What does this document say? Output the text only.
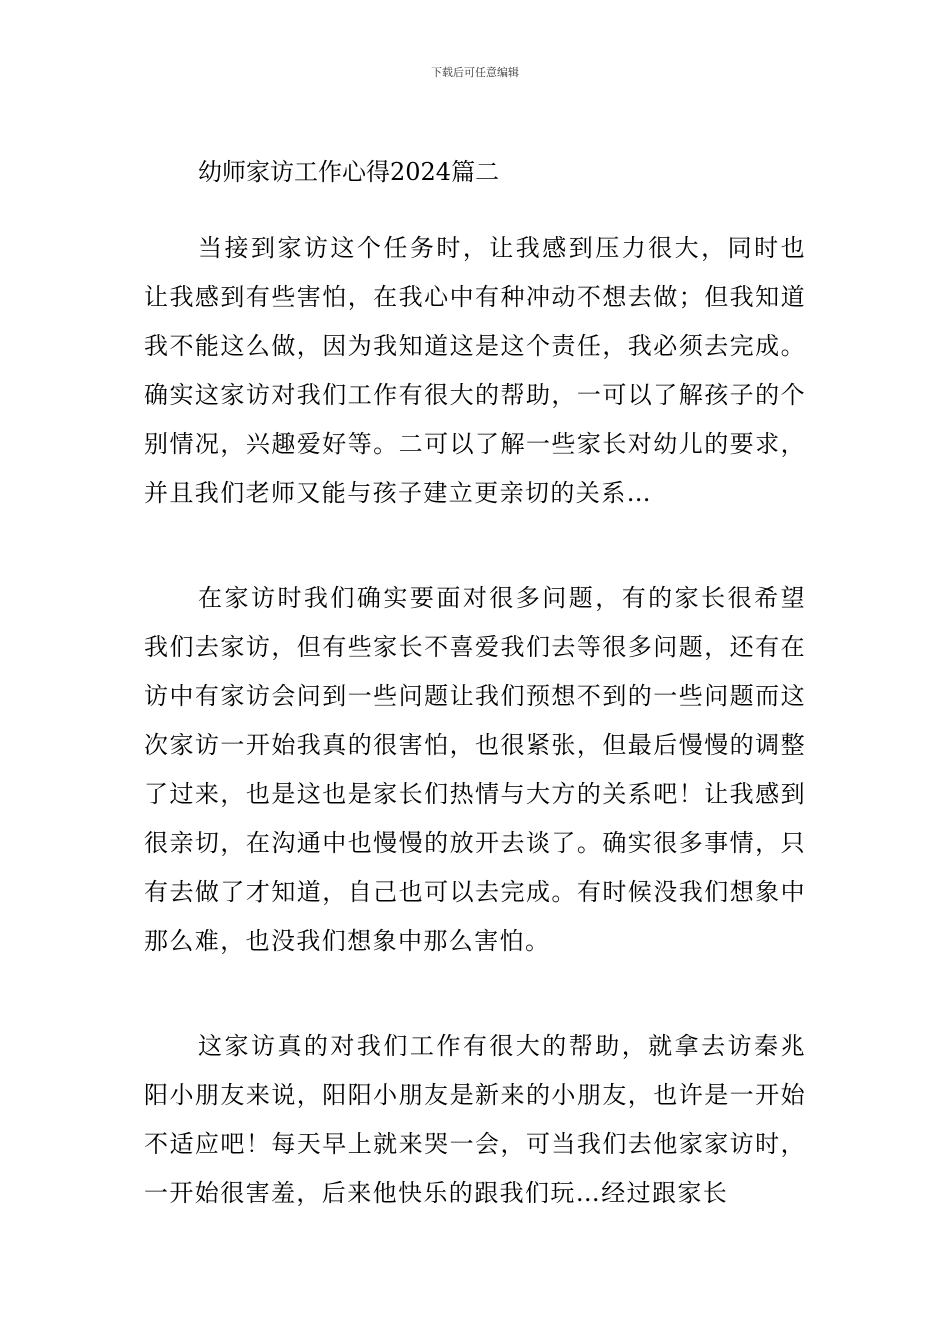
下载后可任意编辑
幼师家访工作心得2024篇二

当接到家访这个任务时，让我感到压力很大，同时也让我感到有些害怕，在我心中有种冲动不想去做；但我知道我不能这么做，因为我知道这是这个责任，我必须去完成。确实这家访对我们工作有很大的帮助，一可以了解孩子的个别情况，兴趣爱好等。二可以了解一些家长对幼儿的要求，并且我们老师又能与孩子建立更亲切的关系…

在家访时我们确实要面对很多问题，有的家长很希望我们去家访，但有些家长不喜爱我们去等很多问题，还有在访中有家访会问到一些问题让我们预想不到的一些问题而这次家访一开始我真的很害怕，也很紧张，但最后慢慢的调整了过来，也是这也是家长们热情与大方的关系吧！让我感到很亲切，在沟通中也慢慢的放开去谈了。确实很多事情，只有去做了才知道，自己也可以去完成。有时候没我们想象中那么难，也没我们想象中那么害怕。

这家访真的对我们工作有很大的帮助，就拿去访秦兆阳小朋友来说，阳阳小朋友是新来的小朋友，也许是一开始不适应吧！每天早上就来哭一会，可当我们去他家家访时，一开始很害羞，后来他快乐的跟我们玩…经过跟家长
